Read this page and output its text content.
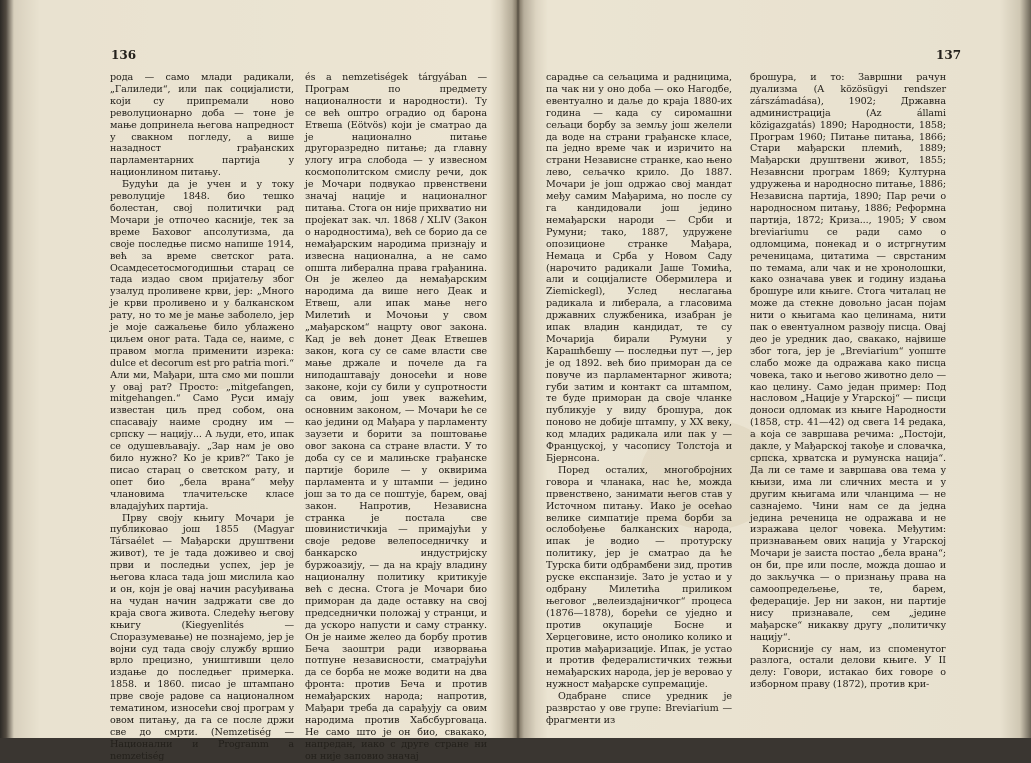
136

рода — само млади радикали, „Галиледи“, или пак социјалисти, који су припремали ново револуционарно доба — тоне је мање допринела његова напредност у свакном погледу, а више назадност грађанских парламентарних партија у национлином питању.

Будући да је учен и у току револуције 1848. био тешко болестан, свој политички рад Мочари је отпочео касније, тек за време Баховог апсолутизма, да своје последње писмо напише 1914, већ за време светског рата. Осамдесетосмогодишњи старац се тада издао свом пријатељу због узалуд проливене крви, јер: „Много је крви проливено и у балканском рату, но то ме је мање заболело, јер је моје сажаљење било ублажено циљем оног рата. Тада се, наиме, с правом могла применити изрека: dulce et decorum est pro patria mori.“ Али ми, Мађари, шта смо ми пошли у овај рат? Просто: „mitgefangen, mitgehangen.“ Само Руси имају известан циљ пред собом, она спасавају наиме сродну им — српску — нацију... А људи, ето, ипак се одушевљавају. „Зар нам је ово било нужно? Ко је крив?“ Тако је писао старац о светском рату, и опет био „бела врана“ међу члановима тлачитељске класе владајућих партија.

Прву своју књигу Мочари је публиковао још 1855 (Magyar Társaélet — Мађарски друштвени живот), те је тада доживео и свој први и последњи успех, јер је његова класа тада још мислила као и он, којн је овај начин расуђивања на чудан начин задржати све до краја свога живота. Следећу његову књигу (Kiegyenlités — Споразумевање) не познајемо, јер је војни суд тада своју службу вршио врло прецизно, уништивши цело издање до последњег примерка. 1858. и 1860. писао је штампано прве своје радове са националном тематином, износећи свој програм у овом питању, да га се после држи све до смрти. (Nemzetiség — Национални и Programm a nemzetiség

és a nemzetiségek tárgyában — Програм по предмету националности и народности). Ту се већ оштро оградио од барона Етвеша (Eötvös) који је сматрао да је национално питање другоразредно питање; да главну улогу игра слобода — у извесном космополитском смислу речи, док је Мочари подвукао првенствени значај нације и националног питања. Стога он није прихватио ни пројекат зак. чл. 1868 / XLIV (Закон о народностима), већ се борио да се немађарским народима признају и извесна национална, а не само општа либерална права грађанина. Он је желео да немађарским народима да више него Деак и Етвеш, али ипак мање него Милетић и Мочоњи у свом „мађарском“ нацрту овог закона. Кад је већ донет Деак Етвешев закон, кога су се саме власти све мање држале и почеле да га ниподаштавају доносећи и нове законе, који су били у супротности са овим, још увек важећим, основним законом, — Мочари ће се као једини од Мађара у парламенту заузети и борити за поштовање овог закона са стране власти. У то доба су се и малињске грађанске партије бориле — у оквирима парламента и у штампи — једино још за то да се поштује, барем, овај закон. Напротив, Независна странка је постала све шовинистичкија — примајући у своје редове велепоседничку и банкарско индустријску буржоазију, — да на крају владину националну политику критикује већ с десна. Стога је Мочари био приморан да даде оставку на свој председнички положај у странци, и да ускоро напусти и саму странку. Он је наиме желео да борбу против Беча заоштри ради изворвања потпуне независности, сматрајући да се борба не може водити на два фронта: против Беча и против немађарских народа; напротив, Мађари треба да сарађују са овим народима против Хабсбурговаца. Не само што је он био, свакако, напредан, иако с друге стране ни он није заповио значај

137

сарадње са сељацима и радницима, па чак ни у оно доба — око Нагодбе, евентуално и даље до краја 1880-их година — када су сиромашни сељаци борбу за земљу још желели да воде на страни грађанске класе, па једно време чак и изричито на страни Независне странке, као њено лево, сељачко крило. До 1887. Мочари је још одржао свој мандат међу самим Мађарима, но после су га кандидовали још једино немађарски народи — Срби и Румуни; тако, 1887, удружене опозиционе странке Мађара, Немаца и Срба у Новом Саду (нарочито радикали Јаше Томића, али и социјалисте Обермилера и Ziemickegl), Услед неслагања радикала и либерала, а гласовима државних службеника, изабран је ипак владин кандидат, те су Мочарија бирали Румуни у Карашћбешу — последњи пут —, јер је од 1892. већ био приморан да се повуче из парламентарног живота; губи затим и контакт са штампом, те буде приморан да своје чланке публикује у виду брошура, док поново не добије штампу, у XX веку, код младих радикала или пак у — Француској, у часопису Толстоја и Бјернсона.

Поред осталих, многобројних говора и чланака, нас ће, можда првенствено, занимати његов став у Источном питању. Иако је осећао велике симпатије према борби за ослобођење балканских народа, ипак је водио — протурску политику, јер је сматрао да ће Турска бити одбрамбени зид, против руске експанзије. Зато је устао и у одбрану Милетића приликом његовог „велеиздајничког“ процеса (1876—1878), борећи се уједно и против окупације Босне и Херцеговине, исто онолико колико и против мађаризације. Ипак, је устао и против федералистичких тежњи немађарских народа, јер је веровао у нужност мађарске супремације.

Одабране списе уредник је разврстао у ове групе: Breviarium — фрагменти из

брошура, и то: Завршни рачун дуализма (A közösügyi rendszer zárszámadása), 1902; Државна администрација (Az állami közigazgatás) 1890; Народности, 1858; Програм 1960; Питање питања, 1866; Стари мађарски племић, 1889; Мађарски друштвени живот, 1855; Незавнсни програм 1869; Културна удружења и народносно питање, 1886; Независна партија, 1890; Пар речи о народносном питању, 1886; Реформна партија, 1872; Криза..., 1905; У свом breviariumu се ради само о одломцима, понекад и о истргнутим реченицама, цитатима — сврстаним по темама, али чак и не хронолошки, како означава увек и годину издања брошуре или књиге. Стога читалац не може да стекне довољно јасан појам нити о књигама као целинама, нити пак о евентуалном развоју писца. Овај део је уредник дао, свакако, највише због тога, јер је „Breviarium“ уопште слабо може да одражава како писца човека, тако и његово животно дело — као целину. Само један пример: Под насловом „Нације у Угарској“ — писци доноси одломак из књиге Народности (1858, стр. 41—42) од свега 14 редака, а која се завршава речима: „Постоји, дакле, у Мађарској такође и словачка, српска, хрватска и румунска нација“. Да ли се таме и завршава ова тема у књизи, има ли сличних места и у другим књигама или чланцима — не сазнајемо. Чини нам се да једна једина реченица не одражава и не изражава целог човека. Међутим: признавањем ових нација у Угарској Мочари је заиста постао „бела врана“; он би, пре или после, можда дошао и до закључка — о признању права на самоопредељење, те, барем, федерације. Јер ни закон, ни партије нису признавале, сем „једине мађарске“ никакву другу „политичку нацију“.

Корисније су нам, из споменутог разлога, остали делови књиге. У II делу: Говори, истакао бих говоре о изборном праву (1872), против кри-
